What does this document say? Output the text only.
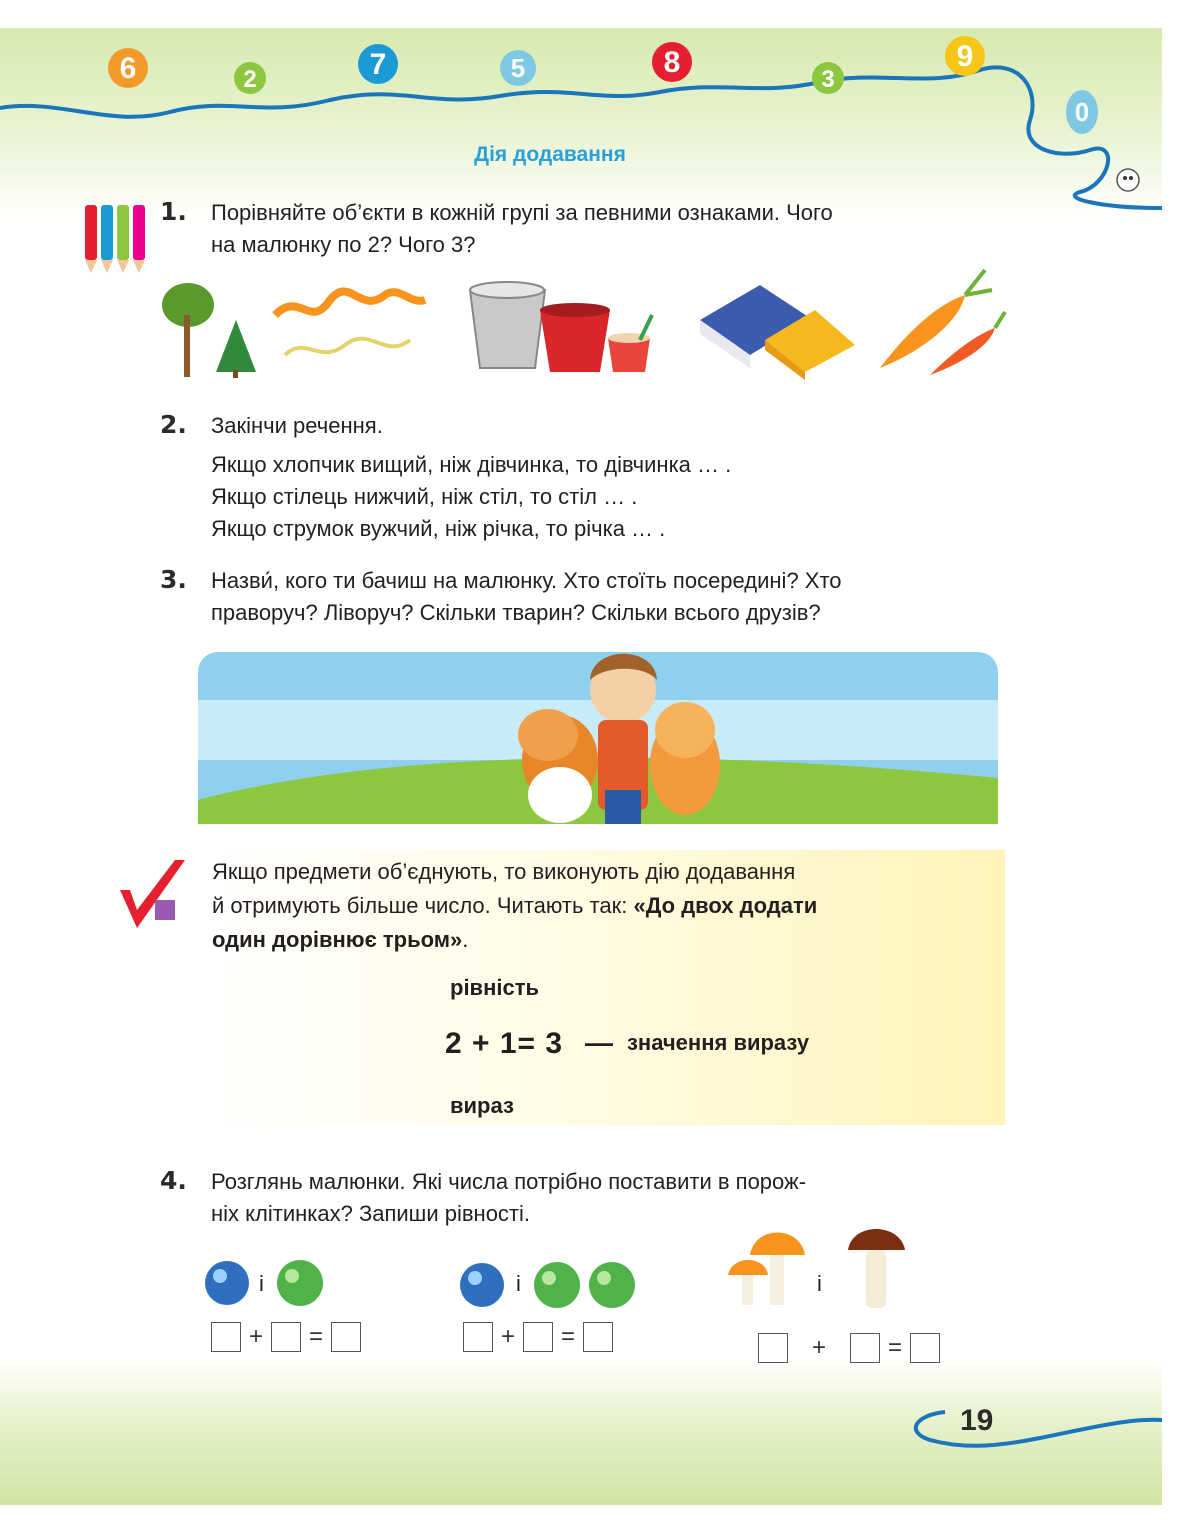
6	2	7	5	8
3
9
0
Дія додавання
1. Порівняйте об’єкти в кожній групі за певними ознаками. Чого
на малюнку по 2? Чого 3?
2. Закінчи речення.
Якщо хлопчик вищий, ніж дівчинка, то дівчинка … .
Якщо стілець нижчий, ніж стіл, то стіл … .
Якщо струмок вужчий, ніж річка, то річка … .
3. Назви́, кого ти бачиш на малюнку. Хто стоїть посередині? Хто
праворуч? Ліворуч? Скільки тварин? Скільки всього друзів?
Якщо предмети об’єднують, то виконують дію додавання
й отримують більше число. Читають так: «До двох додати
один дорівнює трьом».
рівність
2 + 1= 3 — значення виразу
вираз
4. Розглянь малюнки. Які числа потрібно поставити в порож-
ніх клітинках? Запиши рівності.
і	і	і
+ =	+ =	+	=
19
